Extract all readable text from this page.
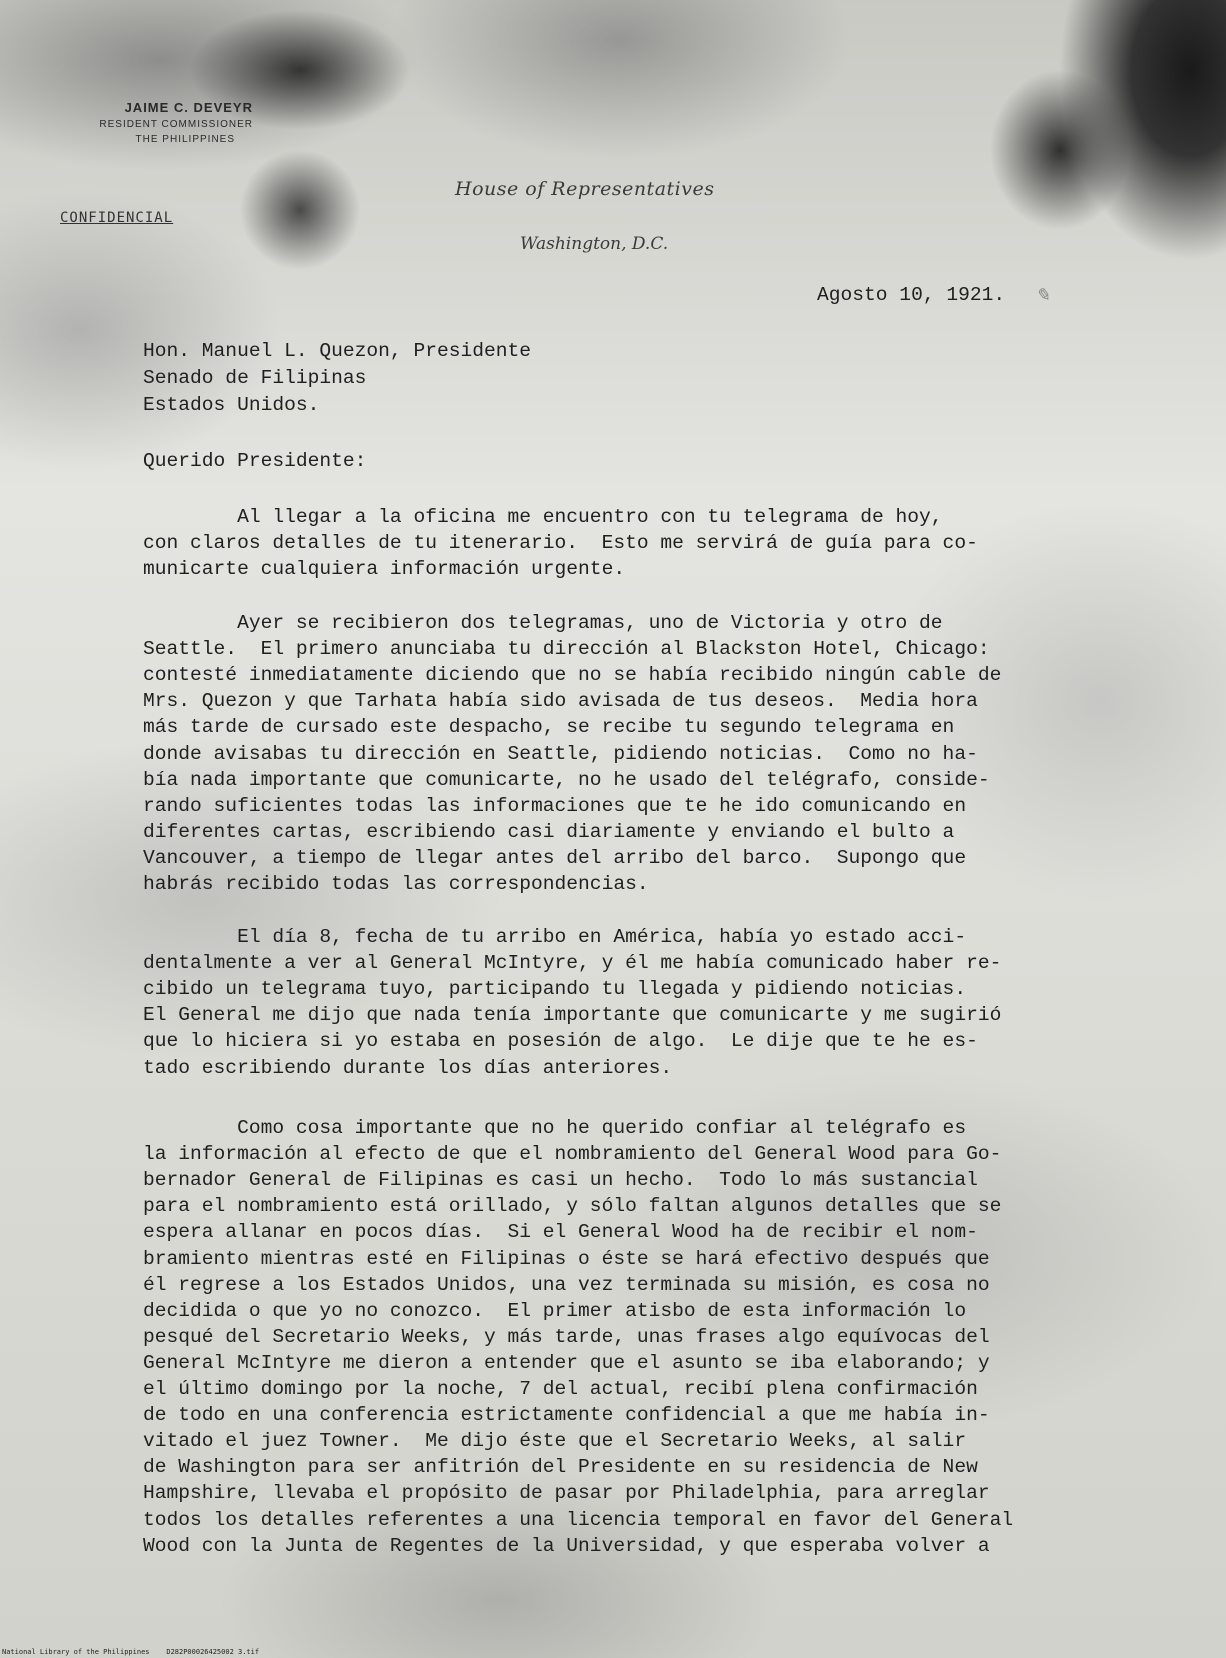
JAIME C. DEVEYR
RESIDENT COMMISSIONER
THE PHILIPPINES
CONFIDENCIAL
House of Representatives
Washington, D.C.

Agosto 10, 1921.

Hon. Manuel L. Quezon, Presidente

Senado de Filipinas

Estados Unidos.

Querido Presidente:

Al llegar a la oficina me encuentro con tu telegrama de hoy,
con claros detalles de tu itenerario.  Esto me servirá de guía para co-
municarte cualquiera información urgente.
Ayer se recibieron dos telegramas, uno de Victoria y otro de
Seattle.  El primero anunciaba tu dirección al Blackston Hotel, Chicago:
contesté inmediatamente diciendo que no se había recibido ningún cable de
Mrs. Quezon y que Tarhata había sido avisada de tus deseos.  Media hora
más tarde de cursado este despacho, se recibe tu segundo telegrama en
donde avisabas tu dirección en Seattle, pidiendo noticias.  Como no ha-
bía nada importante que comunicarte, no he usado del telégrafo, conside-
rando suficientes todas las informaciones que te he ido comunicando en
diferentes cartas, escribiendo casi diariamente y enviando el bulto a
Vancouver, a tiempo de llegar antes del arribo del barco.  Supongo que
habrás recibido todas las correspondencias.
El día 8, fecha de tu arribo en América, había yo estado acci-
dentalmente a ver al General McIntyre, y él me había comunicado haber re-
cibido un telegrama tuyo, participando tu llegada y pidiendo noticias.
El General me dijo que nada tenía importante que comunicarte y me sugirió
que lo hiciera si yo estaba en posesión de algo.  Le dije que te he es-
tado escribiendo durante los días anteriores.
Como cosa importante que no he querido confiar al telégrafo es
la información al efecto de que el nombramiento del General Wood para Go-
bernador General de Filipinas es casi un hecho.  Todo lo más sustancial
para el nombramiento está orillado, y sólo faltan algunos detalles que se
espera allanar en pocos días.  Si el General Wood ha de recibir el nom-
bramiento mientras esté en Filipinas o éste se hará efectivo después que
él regrese a los Estados Unidos, una vez terminada su misión, es cosa no
decidida o que yo no conozco.  El primer atisbo de esta información lo
pesqué del Secretario Weeks, y más tarde, unas frases algo equívocas del
General McIntyre me dieron a entender que el asunto se iba elaborando; y
el último domingo por la noche, 7 del actual, recibí plena confirmación
de todo en una conferencia estrictamente confidencial a que me había in-
vitado el juez Towner.  Me dijo éste que el Secretario Weeks, al salir
de Washington para ser anfitrión del Presidente en su residencia de New
Hampshire, llevaba el propósito de pasar por Philadelphia, para arreglar
todos los detalles referentes a una licencia temporal en favor del General
Wood con la Junta de Regentes de la Universidad, y que esperaba volver a
✎
National Library of the Philippines    D282P00026425002 3.tif
